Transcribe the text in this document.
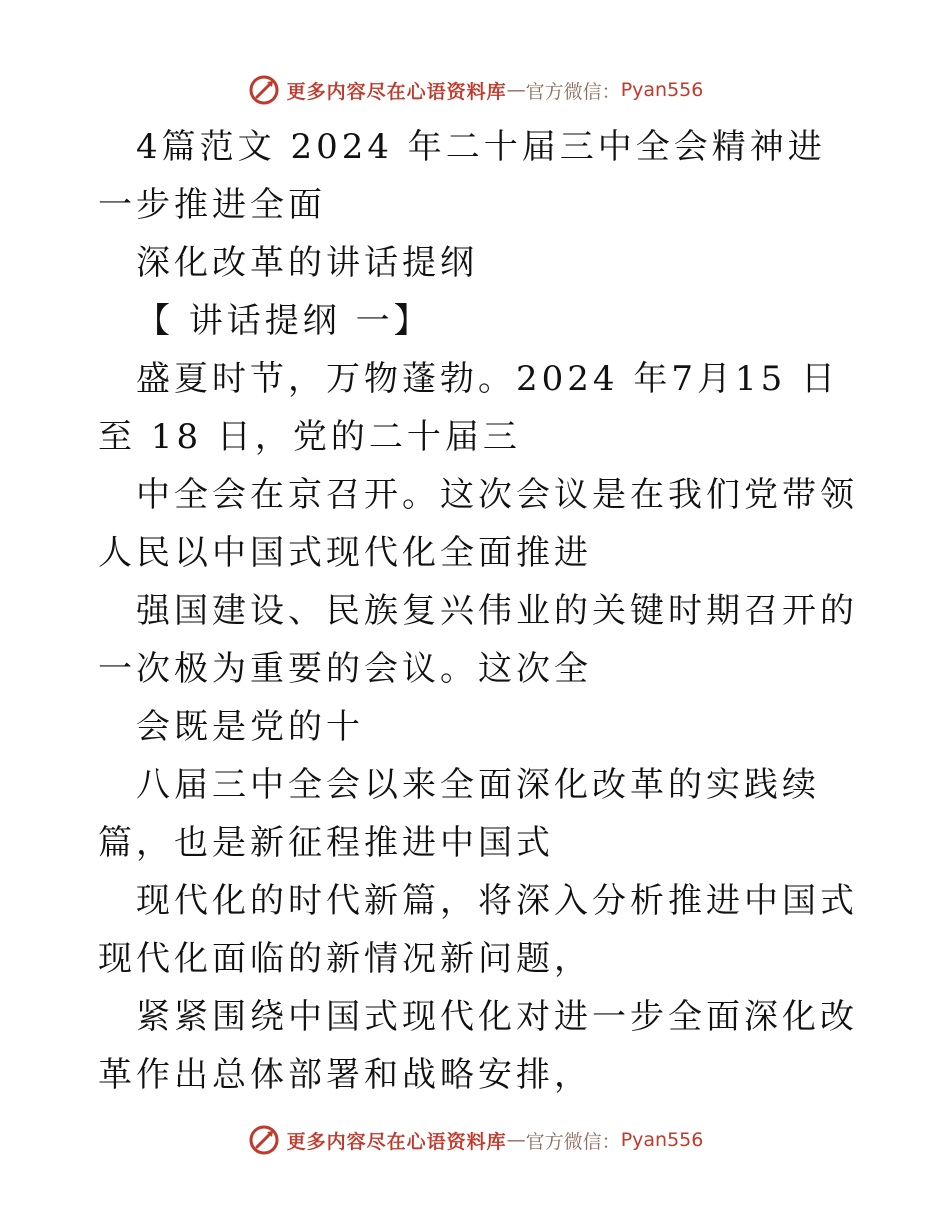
更多内容尽在心语资料库 — 官方微信： Pyan556

4篇范文 2024 年二十届三中全会精神进一步推进全面

深化改革的讲话提纲

【 讲话提纲 一】

盛夏时节，万物蓬勃。2024 年7月15 日至 18 日，党的二十届三

中全会在京召开。这次会议是在我们党带领人民以中国式现代化全面推进

强国建设、民族复兴伟业的关键时期召开的一次极为重要的会议。这次全

会既是党的十

八届三中全会以来全面深化改革的实践续篇，也是新征程推进中国式

现代化的时代新篇，将深入分析推进中国式现代化面临的新情况新问题，

紧紧围绕中国式现代化对进一步全面深化改革作出总体部署和战略安排，

更多内容尽在心语资料库 — 官方微信： Pyan556
